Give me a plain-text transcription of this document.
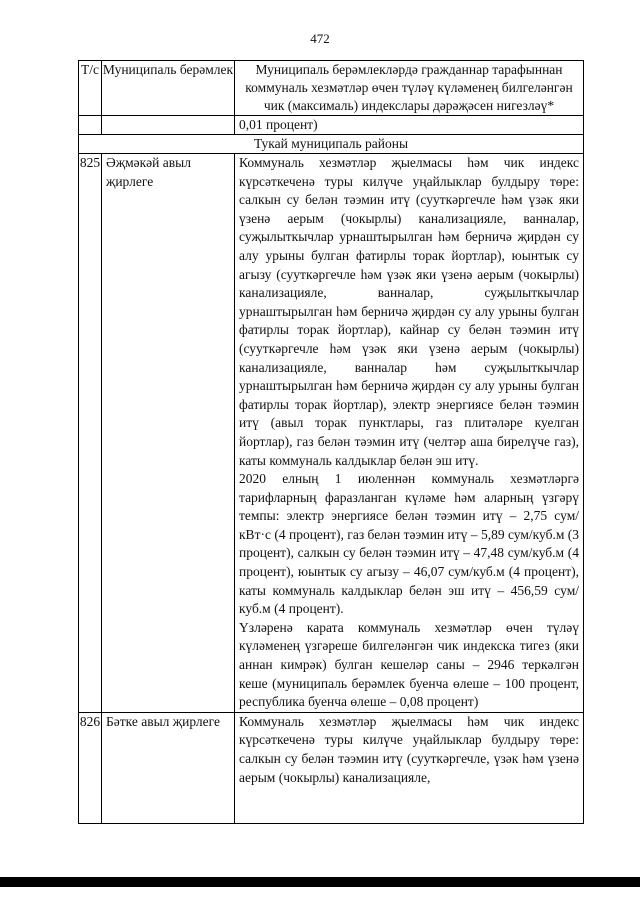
472
Т/с	Муниципаль берәмлек	Муниципаль берәмлекләрдә гражданнар тарафыннан коммуналь хезмәтләр өчен түләү күләменең билгеләнгән чик (максималь) индекслары дәрәҗәсен нигезләү*
		0,01 процент)
Тукай муниципаль районы		
825	Әҗмәкәй авыл җирлеге	Коммуналь хезмәтләр җыелмасы һәм чик индекс күрсәткеченә туры килүче уңайлыклар булдыру төре: салкын су белән тәэмин итү (сууткәргечле һәм үзәк яки үзенә аерым (чокырлы) канализацияле, ванналар, суҗылыткычлар урнаштырылган һәм берничә җирдән су алу урыны булган фатирлы торак йортлар), юынтык су агызу (сууткәргечле һәм үзәк яки үзенә аерым (чокырлы) канализацияле, ванналар, суҗылыткычлар урнаштырылган һәм берничә җирдән су алу урыны булган фатирлы торак йортлар), кайнар су белән тәэмин итү (сууткәргечле һәм үзәк яки үзенә аерым (чокырлы) канализацияле, ванналар һәм суҗылыткычлар урнаштырылган һәм берничә җирдән су алу урыны булган фатирлы торак йортлар), электр энергиясе белән тәэмин итү (авыл торак пунктлары, газ плитәләре куелган йортлар), газ белән тәэмин итү (челтәр аша бирелүче газ), каты коммуналь калдыклар белән эш итү.

2020 елның 1 июленнән коммуналь хезмәтләргә тарифларның фаразланган күләме һәм аларның үзгәрү темпы: электр энергиясе белән тәэмин итү – 2,75 сум/кВт·с (4 процент), газ белән тәэмин итү – 5,89 сум/куб.м (3 процент), салкын су белән тәэмин итү – 47,48 сум/куб.м (4 процент), юынтык су агызу – 46,07 сум/куб.м (4 процент), каты коммуналь калдыклар белән эш итү – 456,59 сум/куб.м (4 процент).

Үзләренә карата коммуналь хезмәтләр өчен түләү күләменең үзгәреше билгеләнгән чик индекска тигез (яки аннан кимрәк) булган кешеләр саны – 2946 теркәлгән кеше (муниципаль берәмлек буенча өлеше – 100 процент, республика буенча өлеше – 0,08 процент)

826	Бәтке авыл җирлеге	Коммуналь хезмәтләр җыелмасы һәм чик индекс күрсәткеченә туры килүче уңайлыклар булдыру төре: салкын су белән тәэмин итү (сууткәргечле, үзәк һәм үзенә аерым (чокырлы) канализацияле,
